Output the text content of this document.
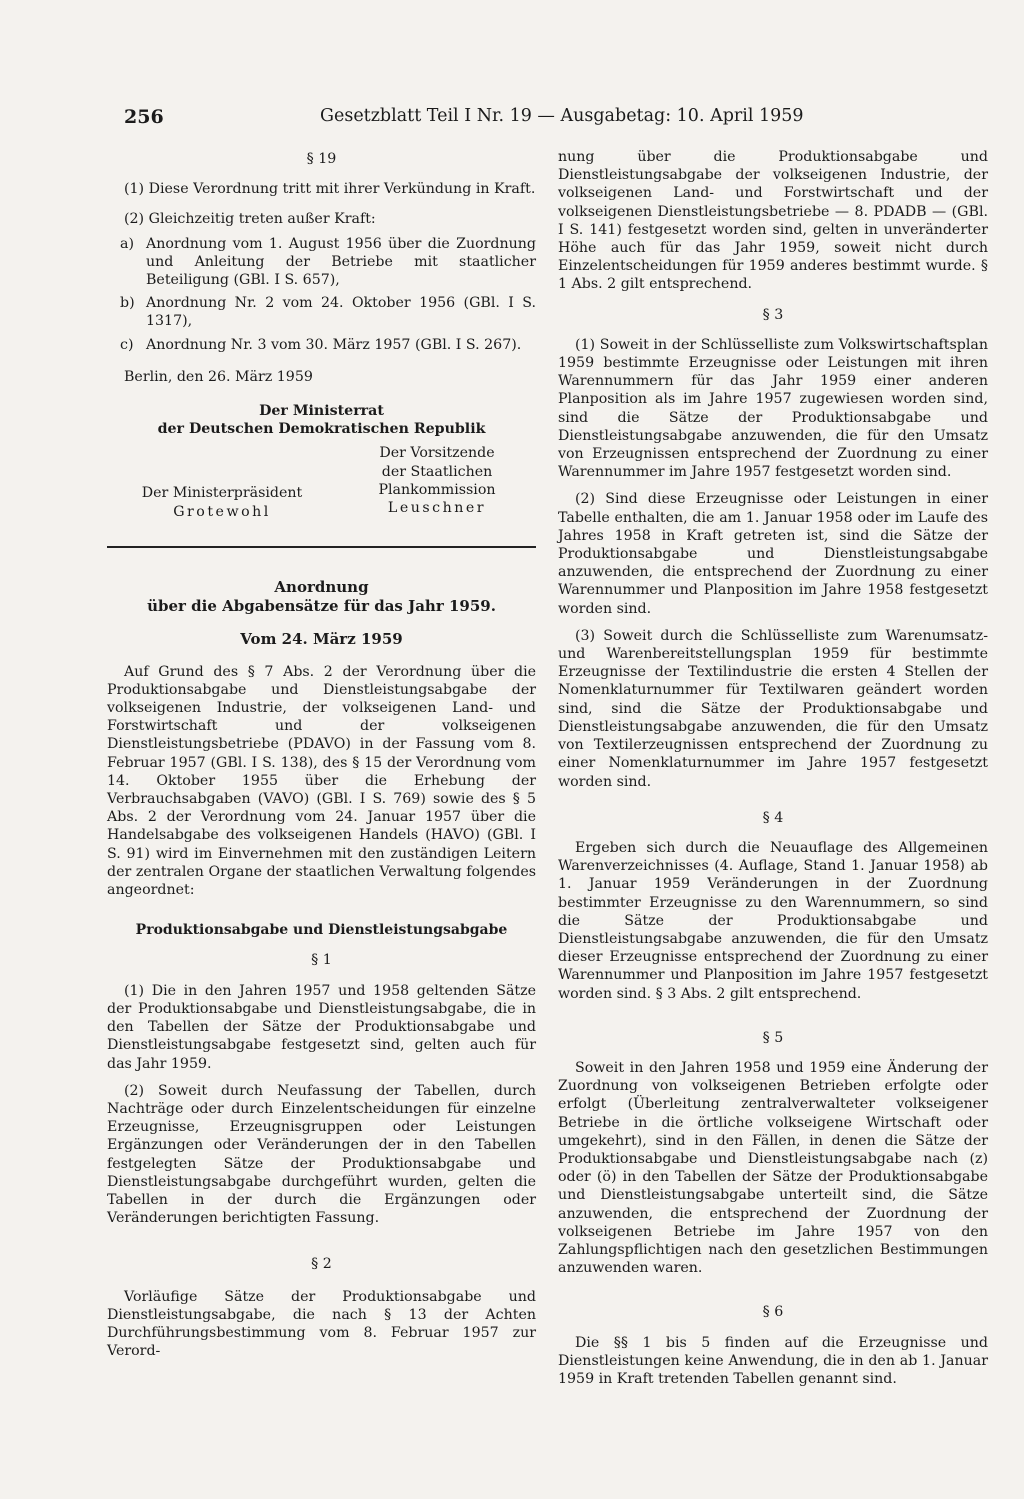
256	Gesetzblatt Teil I Nr. 19 — Ausgabetag: 10. April 1959
§ 19

(1) Diese Verordnung tritt mit ihrer Verkündung in Kraft.

(2) Gleichzeitig treten außer Kraft:

a) Anordnung vom 1. August 1956 über die Zuordnung und Anleitung der Betriebe mit staatlicher Beteiligung (GBl. I S. 657),
b) Anordnung Nr. 2 vom 24. Oktober 1956 (GBl. I S. 1317),
c) Anordnung Nr. 3 vom 30. März 1957 (GBl. I S. 267).
Berlin, den 26. März 1959
Der Ministerrat
der Deutschen Demokratischen Republik
Der Ministerpräsident
Grotewohl
Der Vorsitzende
der Staatlichen
Plankommission
Leuschner
Anordnung
über die Abgabensätze für das Jahr 1959.
Vom 24. März 1959

Auf Grund des § 7 Abs. 2 der Verordnung über die Produktionsabgabe und Dienstleistungsabgabe der volkseigenen Industrie, der volkseigenen Land- und Forstwirtschaft und der volkseigenen Dienstleistungsbetriebe (PDAVO) in der Fassung vom 8. Februar 1957 (GBl. I S. 138), des § 15 der Verordnung vom 14. Oktober 1955 über die Erhebung der Verbrauchsabgaben (VAVO) (GBl. I S. 769) sowie des § 5 Abs. 2 der Verordnung vom 24. Januar 1957 über die Handelsabgabe des volkseigenen Handels (HAVO) (GBl. I S. 91) wird im Einvernehmen mit den zuständigen Leitern der zentralen Organe der staatlichen Verwaltung folgendes angeordnet:

Produktionsabgabe und Dienstleistungsabgabe
§ 1

(1) Die in den Jahren 1957 und 1958 geltenden Sätze der Produktionsabgabe und Dienstleistungsabgabe, die in den Tabellen der Sätze der Produktionsabgabe und Dienstleistungsabgabe festgesetzt sind, gelten auch für das Jahr 1959.

(2) Soweit durch Neufassung der Tabellen, durch Nachträge oder durch Einzelentscheidungen für einzelne Erzeugnisse, Erzeugnisgruppen oder Leistungen Ergänzungen oder Veränderungen der in den Tabellen festgelegten Sätze der Produktionsabgabe und Dienstleistungsabgabe durchgeführt wurden, gelten die Tabellen in der durch die Ergänzungen oder Veränderungen berichtigten Fassung.

§ 2

Vorläufige Sätze der Produktionsabgabe und Dienstleistungsabgabe, die nach § 13 der Achten Durchführungsbestimmung vom 8. Februar 1957 zur Verord-

nung über die Produktionsabgabe und Dienstleistungsabgabe der volkseigenen Industrie, der volkseigenen Land- und Forstwirtschaft und der volkseigenen Dienstleistungsbetriebe — 8. PDADB — (GBl. I S. 141) festgesetzt worden sind, gelten in unveränderter Höhe auch für das Jahr 1959, soweit nicht durch Einzelentscheidungen für 1959 anderes bestimmt wurde. § 1 Abs. 2 gilt entsprechend.

§ 3

(1) Soweit in der Schlüsselliste zum Volkswirtschaftsplan 1959 bestimmte Erzeugnisse oder Leistungen mit ihren Warennummern für das Jahr 1959 einer anderen Planposition als im Jahre 1957 zugewiesen worden sind, sind die Sätze der Produktionsabgabe und Dienstleistungsabgabe anzuwenden, die für den Umsatz von Erzeugnissen entsprechend der Zuordnung zu einer Warennummer im Jahre 1957 festgesetzt worden sind.

(2) Sind diese Erzeugnisse oder Leistungen in einer Tabelle enthalten, die am 1. Januar 1958 oder im Laufe des Jahres 1958 in Kraft getreten ist, sind die Sätze der Produktionsabgabe und Dienstleistungsabgabe anzuwenden, die entsprechend der Zuordnung zu einer Warennummer und Planposition im Jahre 1958 festgesetzt worden sind.

(3) Soweit durch die Schlüsselliste zum Warenumsatz- und Warenbereitstellungsplan 1959 für bestimmte Erzeugnisse der Textilindustrie die ersten 4 Stellen der Nomenklaturnummer für Textilwaren geändert worden sind, sind die Sätze der Produktionsabgabe und Dienstleistungsabgabe anzuwenden, die für den Umsatz von Textilerzeugnissen entsprechend der Zuordnung zu einer Nomenklaturnummer im Jahre 1957 festgesetzt worden sind.

§ 4

Ergeben sich durch die Neuauflage des Allgemeinen Warenverzeichnisses (4. Auflage, Stand 1. Januar 1958) ab 1. Januar 1959 Veränderungen in der Zuordnung bestimmter Erzeugnisse zu den Warennummern, so sind die Sätze der Produktionsabgabe und Dienstleistungsabgabe anzuwenden, die für den Umsatz dieser Erzeugnisse entsprechend der Zuordnung zu einer Warennummer und Planposition im Jahre 1957 festgesetzt worden sind. § 3 Abs. 2 gilt entsprechend.

§ 5

Soweit in den Jahren 1958 und 1959 eine Änderung der Zuordnung von volkseigenen Betrieben erfolgte oder erfolgt (Überleitung zentralverwalteter volkseigener Betriebe in die örtliche volkseigene Wirtschaft oder umgekehrt), sind in den Fällen, in denen die Sätze der Produktionsabgabe und Dienstleistungsabgabe nach (z) oder (ö) in den Tabellen der Sätze der Produktionsabgabe und Dienstleistungsabgabe unterteilt sind, die Sätze anzuwenden, die entsprechend der Zuordnung der volkseigenen Betriebe im Jahre 1957 von den Zahlungspflichtigen nach den gesetzlichen Bestimmungen anzuwenden waren.

§ 6

Die §§ 1 bis 5 finden auf die Erzeugnisse und Dienstleistungen keine Anwendung, die in den ab 1. Januar 1959 in Kraft tretenden Tabellen genannt sind.
